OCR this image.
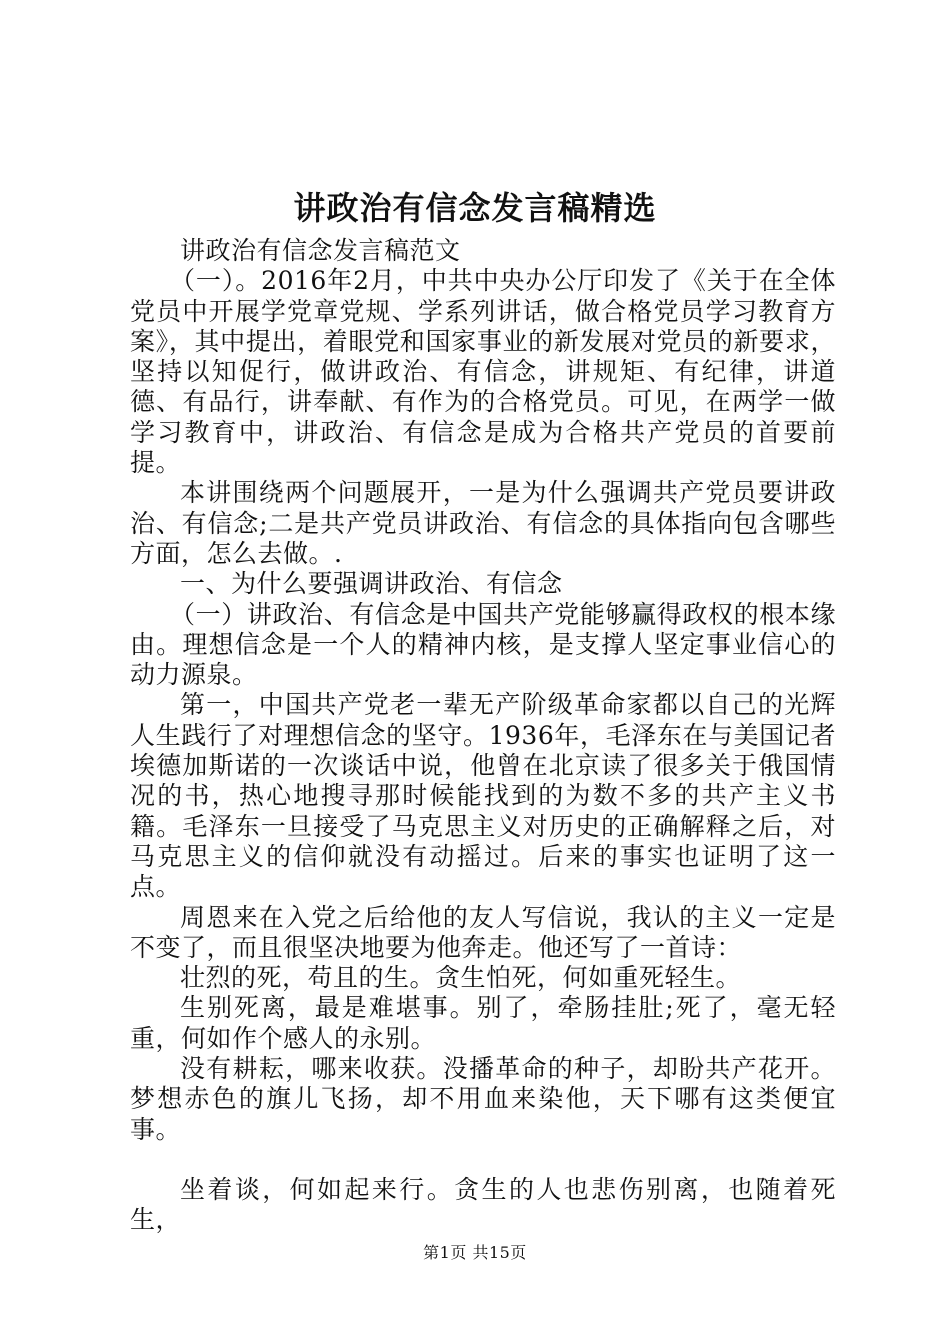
讲政治有信念发言稿精选

讲政治有信念发言稿范文

（一）。2016年2月，中共中央办公厅印发了《关于在全体党员中开展学党章党规、学系列讲话，做合格党员学习教育方案》，其中提出，着眼党和国家事业的新发展对党员的新要求，坚持以知促行，做讲政治、有信念，讲规矩、有纪律，讲道德、有品行，讲奉献、有作为的合格党员。可见，在两学一做学习教育中，讲政治、有信念是成为合格共产党员的首要前提。

本讲围绕两个问题展开，一是为什么强调共产党员要讲政治、有信念;二是共产党员讲政治、有信念的具体指向包含哪些方面，怎么去做。.

一、为什么要强调讲政治、有信念

（一）讲政治、有信念是中国共产党能够赢得政权的根本缘由。理想信念是一个人的精神内核，是支撑人坚定事业信心的动力源泉。

第一，中国共产党老一辈无产阶级革命家都以自己的光辉人生践行了对理想信念的坚守。1936年，毛泽东在与美国记者埃德加斯诺的一次谈话中说，他曾在北京读了很多关于俄国情况的书，热心地搜寻那时候能找到的为数不多的共产主义书籍。毛泽东一旦接受了马克思主义对历史的正确解释之后，对马克思主义的信仰就没有动摇过。后来的事实也证明了这一点。

周恩来在入党之后给他的友人写信说，我认的主义一定是不变了，而且很坚决地要为他奔走。他还写了一首诗：

壮烈的死，苟且的生。贪生怕死，何如重死轻生。

生别死离，最是难堪事。别了，牵肠挂肚;死了，毫无轻重，何如作个感人的永别。

没有耕耘，哪来收获。没播革命的种子，却盼共产花开。梦想赤色的旗儿飞扬，却不用血来染他，天下哪有这类便宜事。

坐着谈，何如起来行。贪生的人也悲伤别离，也随着死生，

第1页 共15页
